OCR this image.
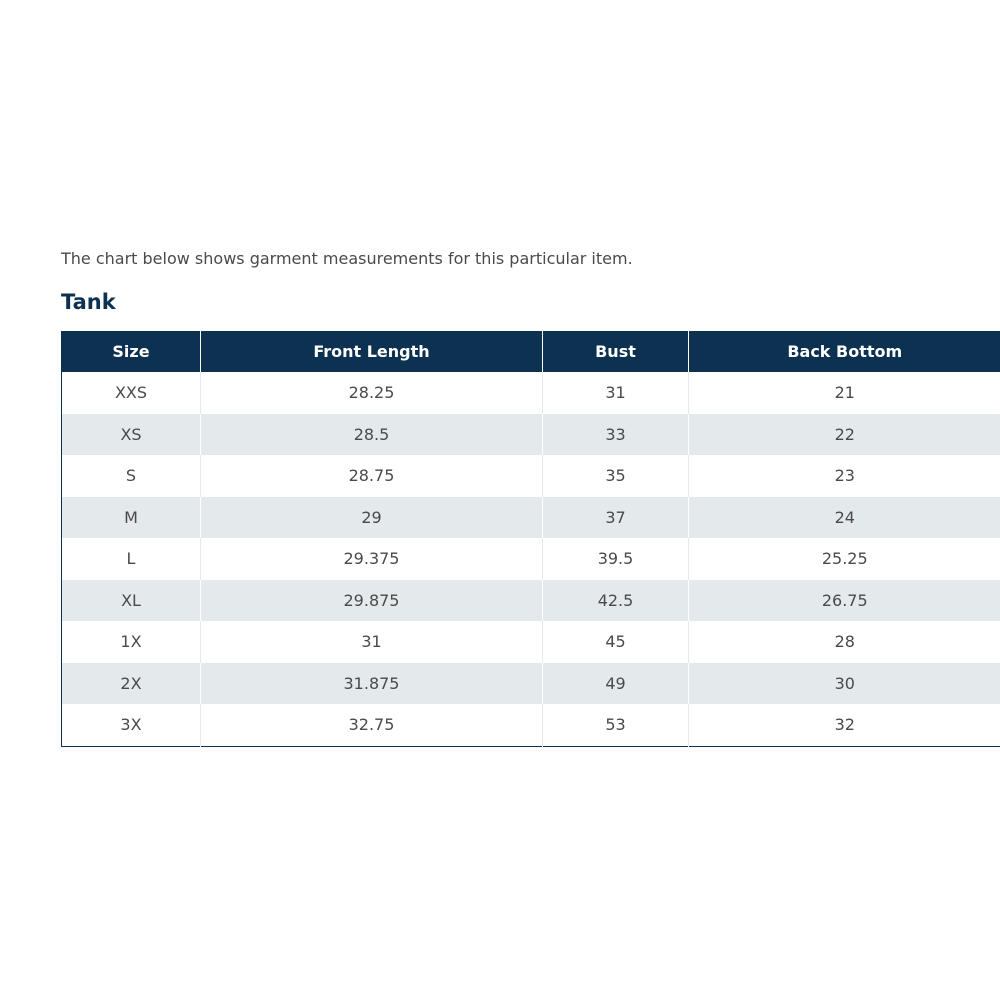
The chart below shows garment measurements for this particular item.
Tank
Size	Front Length	Bust	Back Bottom
XXS	28.25	31	21
XS	28.5	33	22
S	28.75	35	23
M	29	37	24
L	29.375	39.5	25.25
XL	29.875	42.5	26.75
1X	31	45	28
2X	31.875	49	30
3X	32.75	53	32
